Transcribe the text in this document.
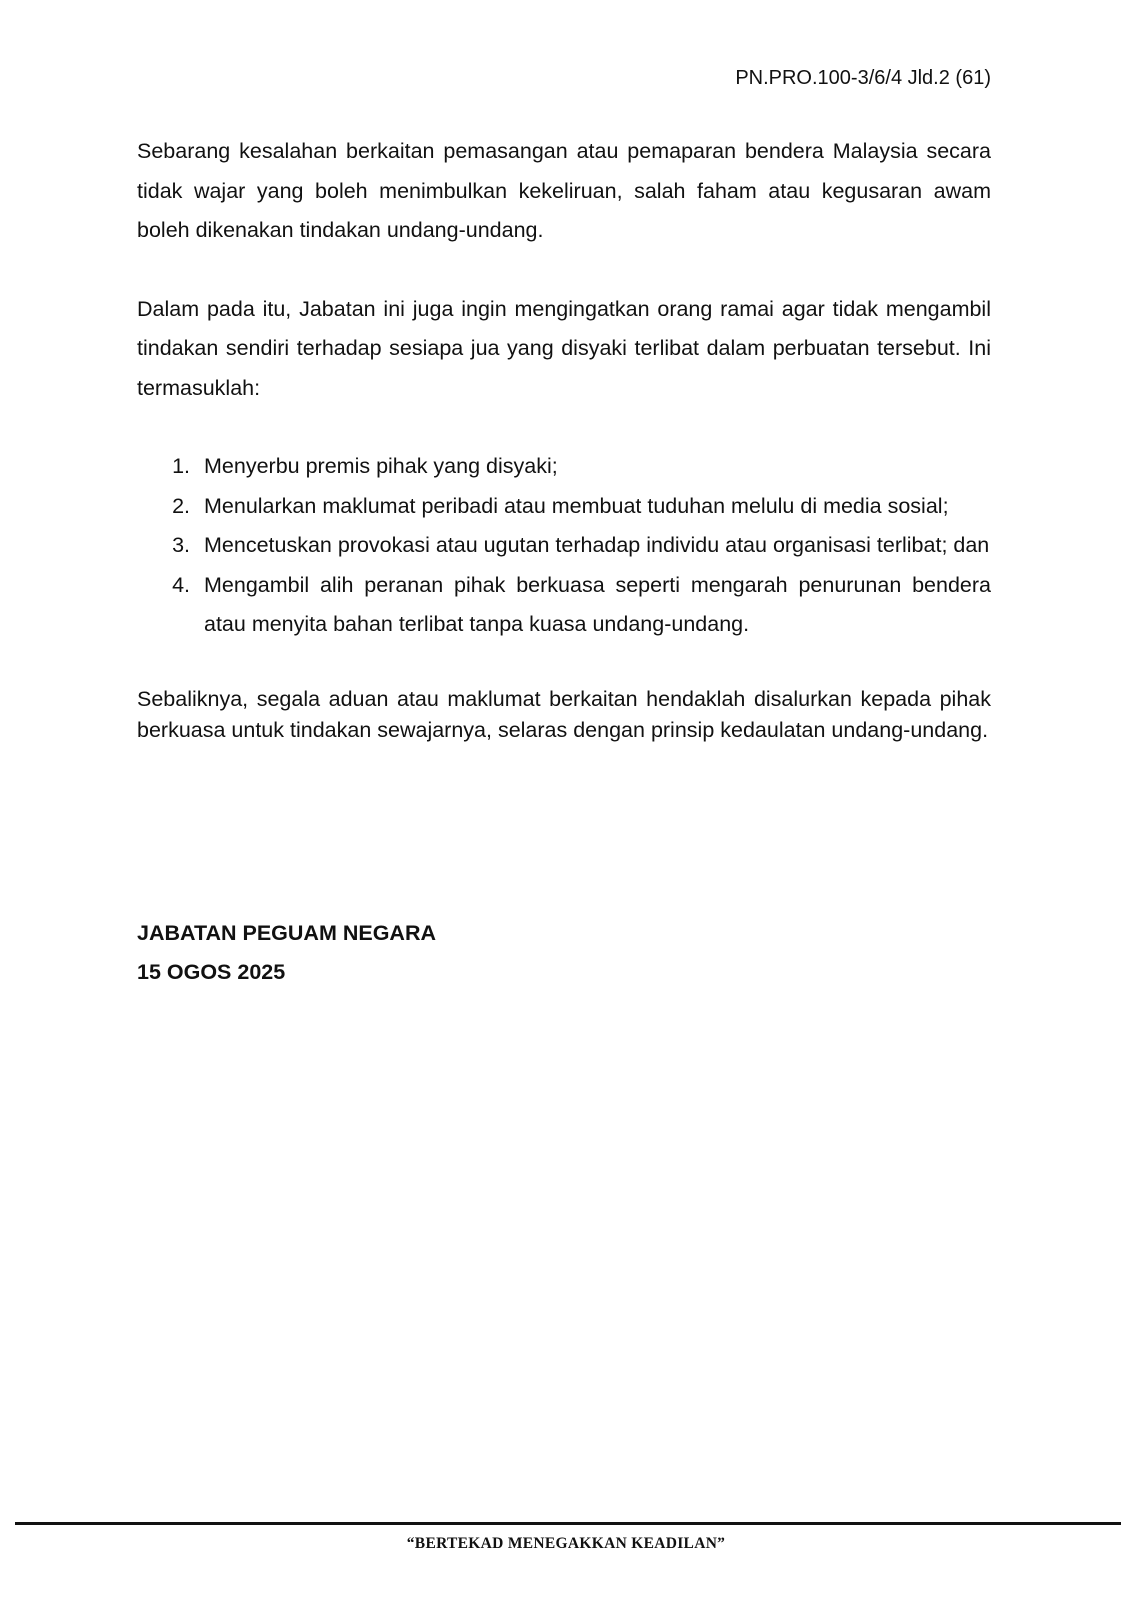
PN.PRO.100-3/6/4 Jld.2 (61)

Sebarang kesalahan berkaitan pemasangan atau pemaparan bendera Malaysia secara tidak wajar yang boleh menimbulkan kekeliruan, salah faham atau kegusaran awam boleh dikenakan tindakan undang-undang.

Dalam pada itu, Jabatan ini juga ingin mengingatkan orang ramai agar tidak mengambil tindakan sendiri terhadap sesiapa jua yang disyaki terlibat dalam perbuatan tersebut. Ini termasuklah:

1. Menyerbu premis pihak yang disyaki;
2. Menularkan maklumat peribadi atau membuat tuduhan melulu di media sosial;
3. Mencetuskan provokasi atau ugutan terhadap individu atau organisasi terlibat; dan
4. Mengambil alih peranan pihak berkuasa seperti mengarah penurunan bendera atau menyita bahan terlibat tanpa kuasa undang-undang.

Sebaliknya, segala aduan atau maklumat berkaitan hendaklah disalurkan kepada pihak berkuasa untuk tindakan sewajarnya, selaras dengan prinsip kedaulatan undang-undang.

JABATAN PEGUAM NEGARA
15 OGOS 2025
“BERTEKAD MENEGAKKAN KEADILAN”
